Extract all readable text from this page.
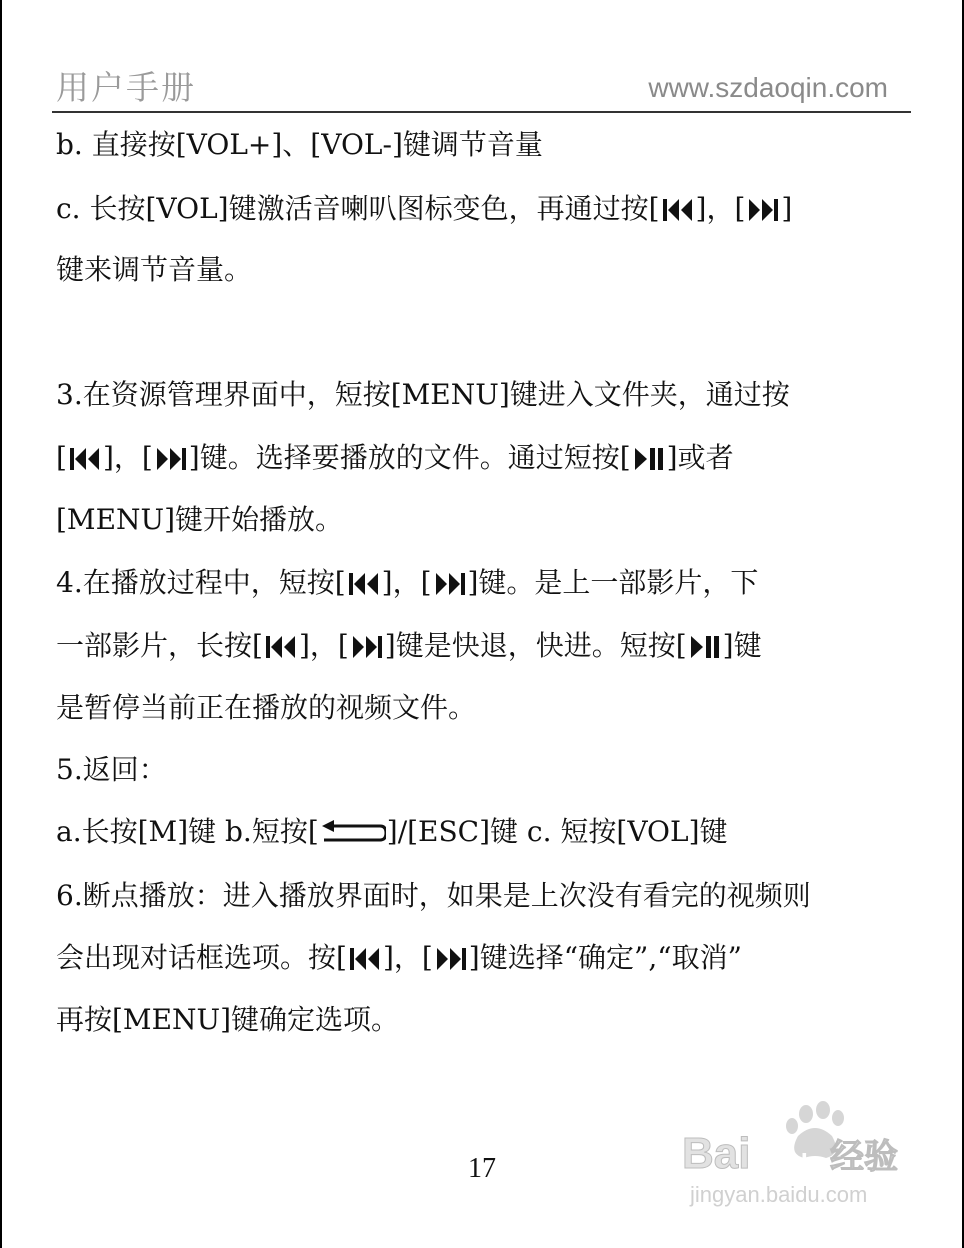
用户手册	www.szdaoqin.com
b. 直接按[VOL+]、[VOL-]键调节音量
c. 长按[VOL]键激活音喇叭图标变色，再通过按[ ]，[ ]
键来调节音量。
3.在资源管理界面中，短按[MENU]键进入文件夹，通过按
[ ]，[ ]键。选择要播放的文件。通过短按[ ]或者
[MENU]键开始播放。
4.在播放过程中，短按[ ]，[ ]键。是上一部影片，下
一部影片，长按[ ]，[ ]键是快退，快进。短按[ ]键
是暂停当前正在播放的视频文件。
5.返回：
a.长按[M]键 b.短按[ ]/[ESC]键 c. 短按[VOL]键
6.断点播放：进入播放界面时，如果是上次没有看完的视频则
会出现对话框选项。按[ ]，[ ]键选择“确定”,“取消”
再按[MENU]键确定选项。
17	Bai du 经验
jingyan.baidu.com
